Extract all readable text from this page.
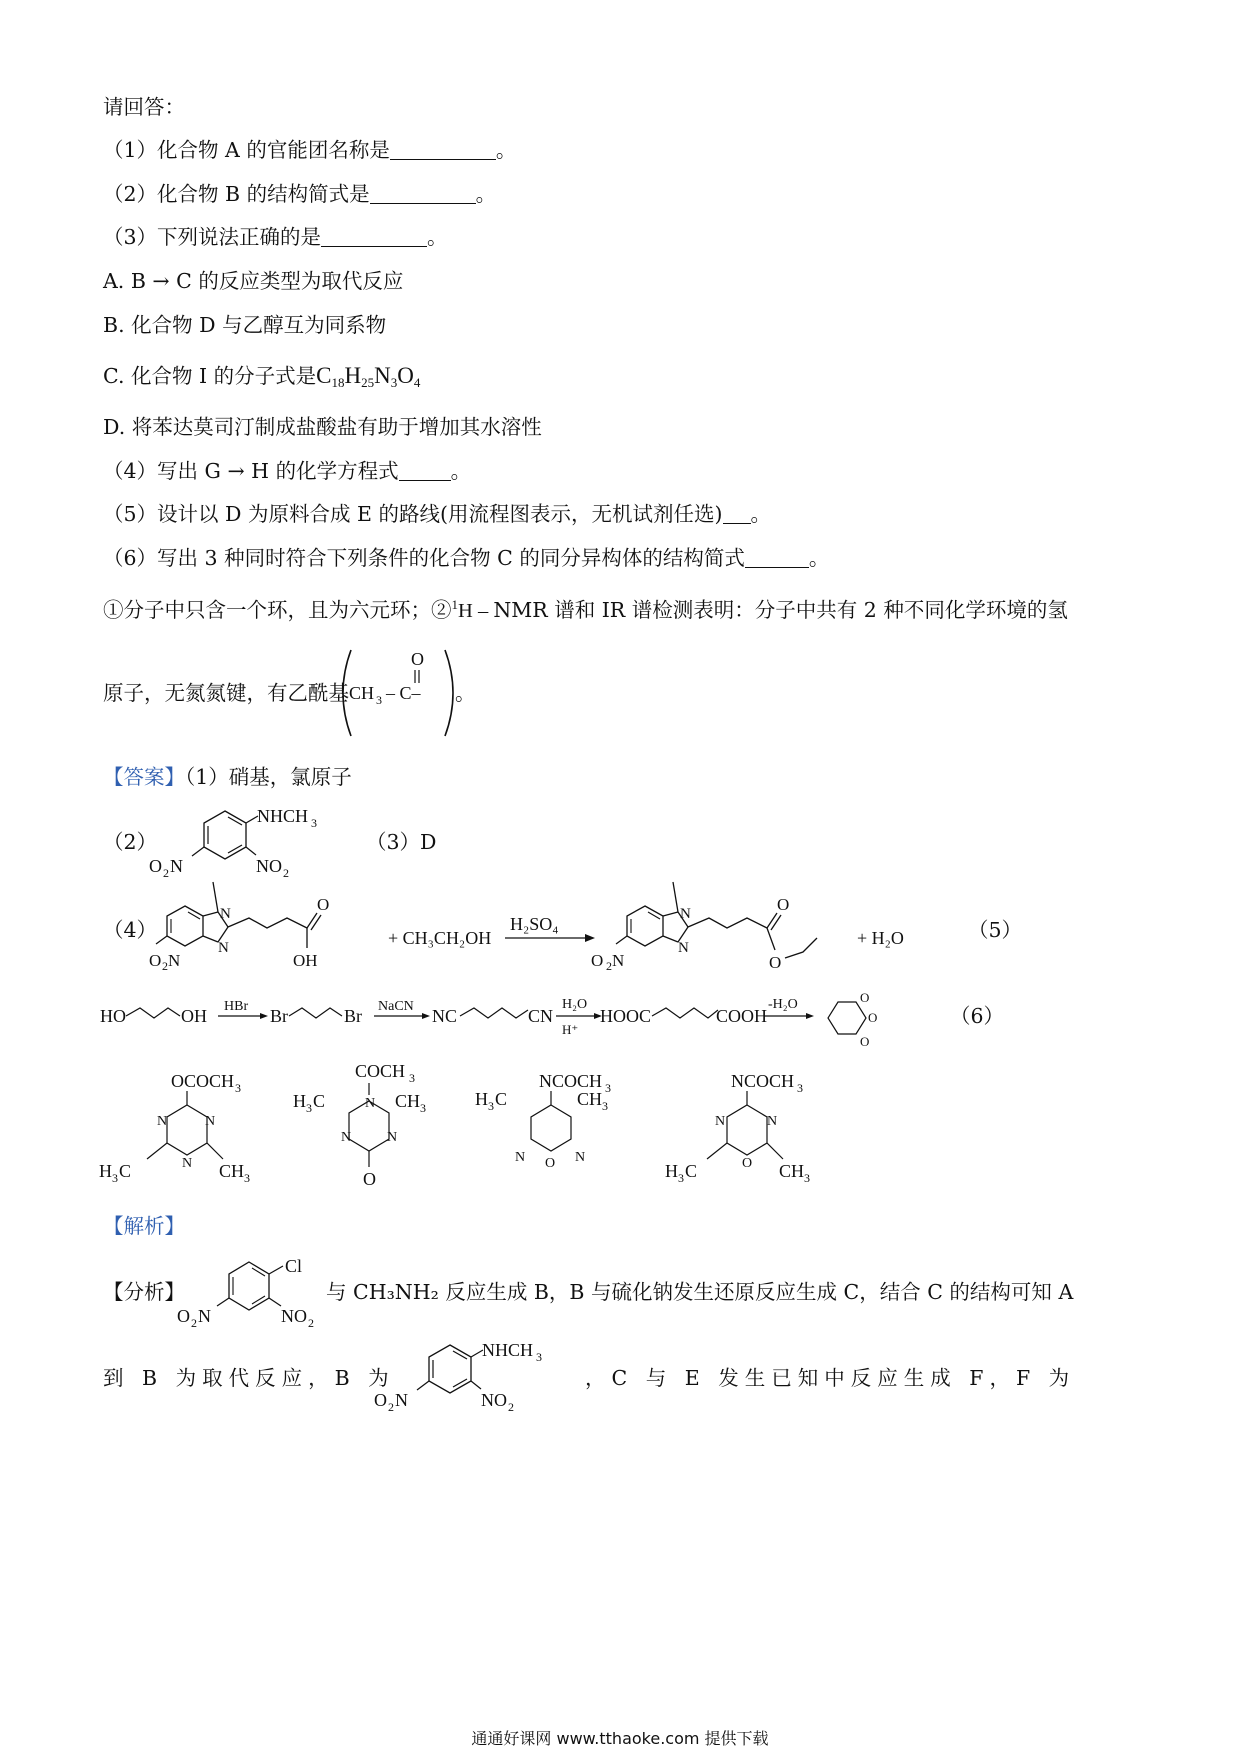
请回答：
（1）化合物 A 的官能团名称是	。
（2）化合物 B 的结构简式是	。
（3）下列说法正确的是	。
A. B → C 的反应类型为取代反应
B. 化合物 D 与乙醇互为同系物
C. 化合物 I 的分子式是$C_{18}H_{25}N_3O_4$
D. 将苯达莫司汀制成盐酸盐有助于增加其水溶性
（4）写出 G → H 的化学方程式	。
（5）设计以 D 为原料合成 E 的路线(用流程图表示，无机试剂任选) 。
（6）写出 3 种同时符合下列条件的化合物 C 的同分异构体的结构简式	。
①分子中只含一个环，且为六元环；②$^1$H – NMR 谱和 IR 谱检测表明：分子中共有 2 种不同化学环境的氢
原子，无氮氮键，有乙酰基 CH 3 – C–
O
。
【答案】（1）硝基，氯原子
（2）
NHCH 3
NO 2
O 2 N
（3）D
（4）
N
N
O
OH
O 2 N
+ CH₃CH₂OH
H₂SO₄	N
N
O
O
O 2 N
+ H₂O	（5）
HO	OH HBr Br	Br NaCN NC	CN
H₂O
H⁺
HOOC	COOH
-H₂O	O
O
O
（6）
OCOCH 3
N	N
N
H 3 C	CH 3
COCH 3
N
N	N
O
H 3 C	CH 3
NCOCH 3
N	N
O
H 3 C	CH 3
NCOCH 3
N	N
O
H 3 C	CH 3
【解析】
【分析】
Cl
NO 2
O 2 N
与 CH₃NH₂ 反应生成 B，B 与硫化钠发生还原反应生成 C，结合 C 的结构可知 A
到 B 为取代反应，B 为
NHCH 3
NO 2
O 2 N
，C 与 E 发生已知中反应生成 F，F 为
通通好课网 www.tthaoke.com 提供下载
